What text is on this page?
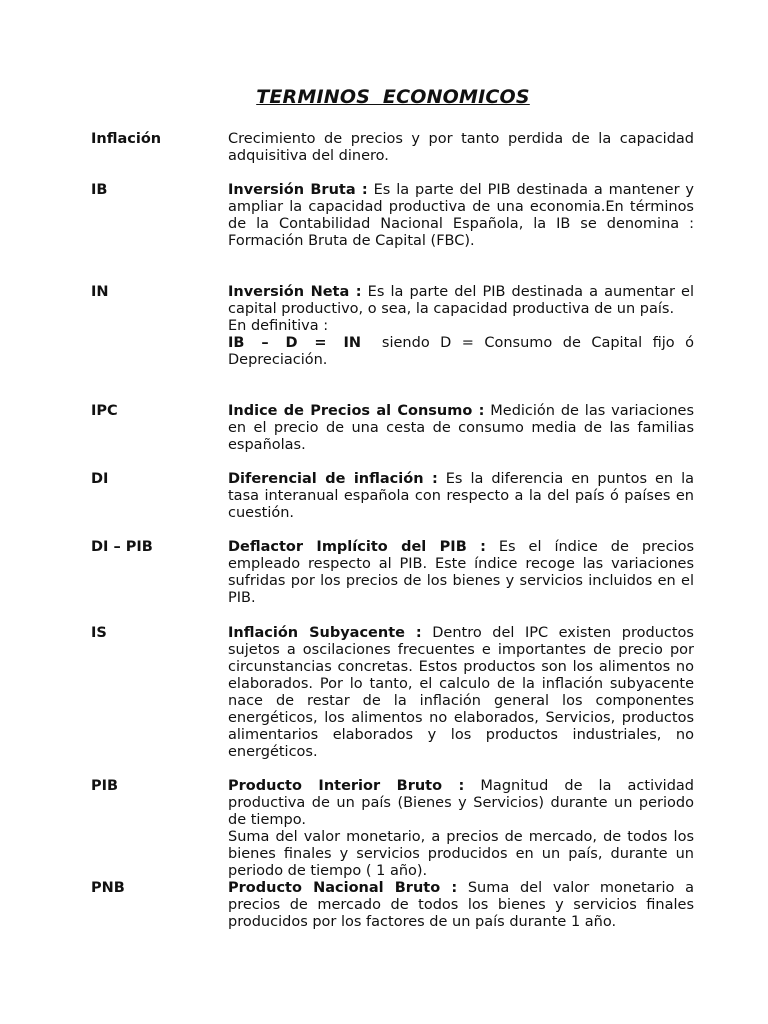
TERMINOS ECONOMICOS
Inflación	Crecimiento de precios y por tanto perdida de la capacidad adquisitiva del dinero.

IB	Inversión Bruta : Es la parte del PIB destinada a mantener y ampliar la capacidad productiva de una economia.En términos de la Contabilidad Nacional Española, la IB se denomina : Formación Bruta de Capital (FBC).

IN	Inversión Neta : Es la parte del PIB destinada a aumentar el capital productivo, o sea, la capacidad productiva de un país.

En definitiva :

IB – D = IN siendo D = Consumo de Capital fijo ó Depreciación.

IPC	Indice de Precios al Consumo : Medición de las variaciones en el precio de una cesta de consumo media de las familias españolas.

DI	Diferencial de inflación : Es la diferencia en puntos en la tasa interanual española con respecto a la del país ó países en cuestión.

DI – PIB	Deflactor Implícito del PIB : Es el índice de precios empleado respecto al PIB. Este índice recoge las variaciones sufridas por los precios de los bienes y servicios incluidos en el PIB.

IS	Inflación Subyacente : Dentro del IPC existen productos sujetos a oscilaciones frecuentes e importantes de precio por circunstancias concretas. Estos productos son los alimentos no elaborados. Por lo tanto, el calculo de la inflación subyacente nace de restar de la inflación general los componentes energéticos, los alimentos no elaborados, Servicios, productos alimentarios elaborados y los productos industriales, no energéticos.

PIB	Producto Interior Bruto : Magnitud de la actividad productiva de un país (Bienes y Servicios) durante un periodo de tiempo.

Suma del valor monetario, a precios de mercado, de todos los bienes finales y servicios producidos en un país, durante un periodo de tiempo ( 1 año).

PNB	Producto Nacional Bruto : Suma del valor monetario a precios de mercado de todos los bienes y servicios finales producidos por los factores de un país durante 1 año.
